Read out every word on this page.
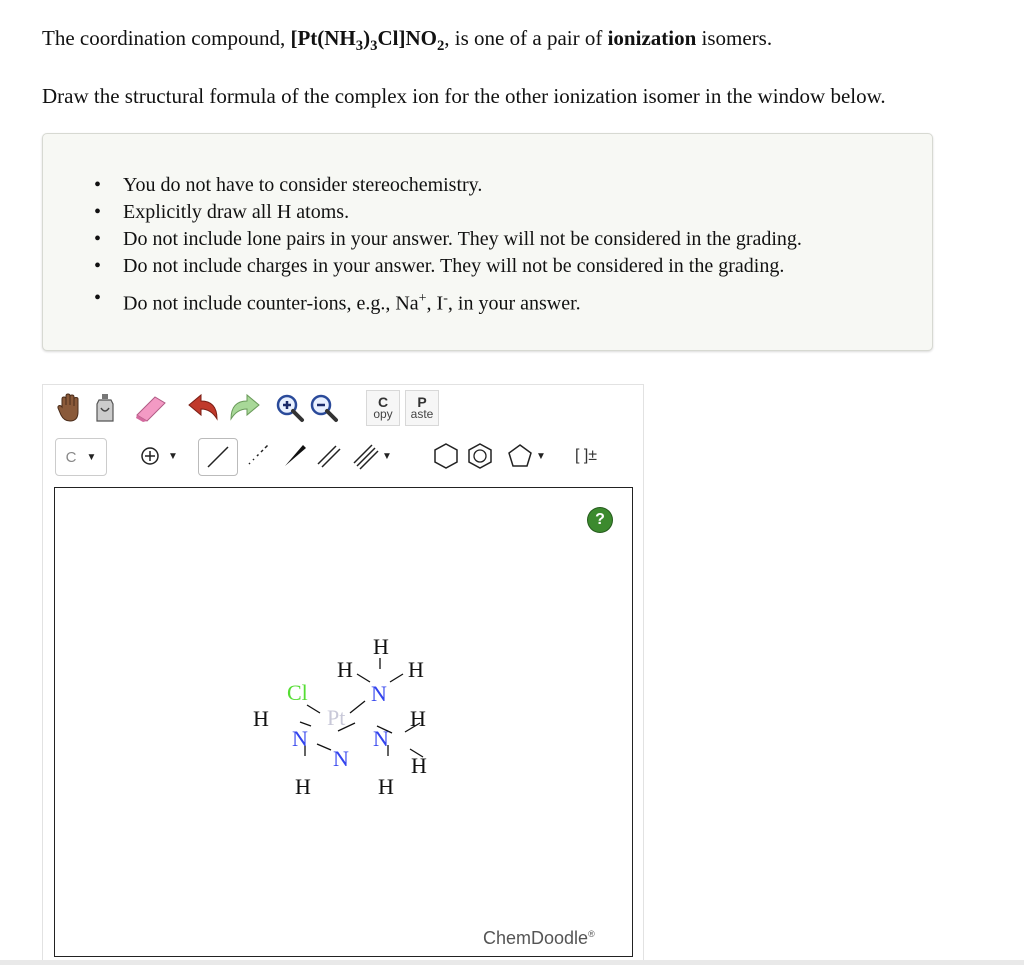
The coordination compound, $[Pt(NH_3)_3Cl]NO_2$, is one of a pair of ionization isomers.
Draw the structural formula of the complex ion for the other ionization isomer in the window below.
• You do not have to consider stereochemistry.
• Explicitly draw all H atoms.
• Do not include lone pairs in your answer. They will not be considered in the grading.
• Do not include charges in your answer. They will not be considered in the grading.
• Do not include counter-ions, e.g., Na+, I-, in your answer.
C
opy
P
aste
C ▼	▼	▼	▼ [ ]±
?
H
H	H
N
Cl
Pt
H	H
N	N
N	H
H	H
ChemDoodle®
